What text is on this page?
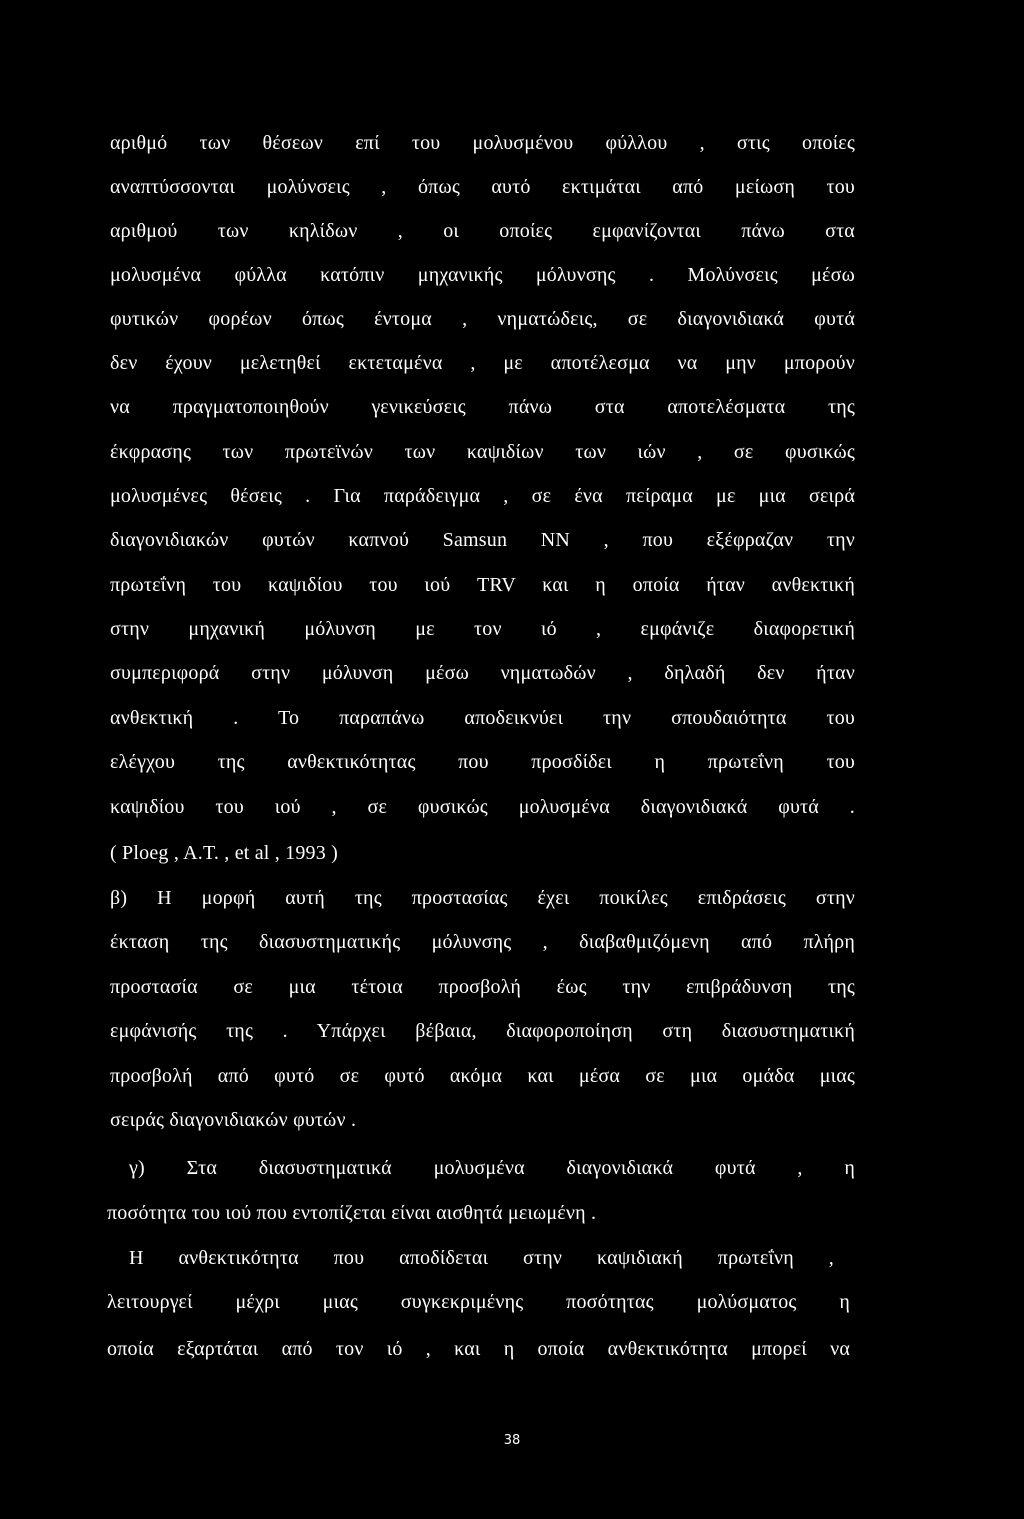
αριθμό των θέσεων επί του μολυσμένου φύλλου , στις οποίες
αναπτύσσονται μολύνσεις , όπως αυτό εκτιμάται από μείωση του
αριθμού των κηλίδων , οι οποίες εμφανίζονται πάνω στα
μολυσμένα φύλλα κατόπιν μηχανικής μόλυνσης . Μολύνσεις μέσω
φυτικών φορέων όπως έντομα , νηματώδεις, σε διαγονιδιακά φυτά
δεν έχουν μελετηθεί εκτεταμένα , με αποτέλεσμα να μην μπορούν
να πραγματοποιηθούν γενικεύσεις πάνω στα αποτελέσματα της
έκφρασης των πρωτεϊνών των καψιδίων των ιών , σε φυσικώς
μολυσμένες θέσεις . Για παράδειγμα , σε ένα πείραμα με μια σειρά
διαγονιδιακών φυτών καπνού Samsun NN , που εξέφραζαν την
πρωτεΐνη του καψιδίου του ιού TRV και η οποία ήταν ανθεκτική
στην μηχανική μόλυνση με τον ιό , εμφάνιζε διαφορετική
συμπεριφορά στην μόλυνση μέσω νηματωδών , δηλαδή δεν ήταν
ανθεκτική . Το παραπάνω αποδεικνύει την σπουδαιότητα του
ελέγχου της ανθεκτικότητας που προσδίδει η πρωτεΐνη του
καψιδίου του ιού , σε φυσικώς μολυσμένα διαγονιδιακά φυτά .
( Ploeg , A.T. , et al , 1993 )
β) Η μορφή αυτή της προστασίας έχει ποικίλες επιδράσεις στην
έκταση της διασυστηματικής μόλυνσης , διαβαθμιζόμενη από πλήρη
προστασία σε μια τέτοια προσβολή έως την επιβράδυνση της
εμφάνισής της . Υπάρχει βέβαια, διαφοροποίηση στη διασυστηματική
προσβολή από φυτό σε φυτό ακόμα και μέσα σε μια ομάδα μιας
σειράς διαγονιδιακών φυτών .
γ) Στα διασυστηματικά μολυσμένα διαγονιδιακά φυτά , η
ποσότητα του ιού που εντοπίζεται είναι αισθητά μειωμένη .
Η ανθεκτικότητα που αποδίδεται στην καψιδιακή πρωτεΐνη ,
λειτουργεί μέχρι μιας συγκεκριμένης ποσότητας μολύσματος η
οποία εξαρτάται από τον ιό , και η οποία ανθεκτικότητα μπορεί να
38
